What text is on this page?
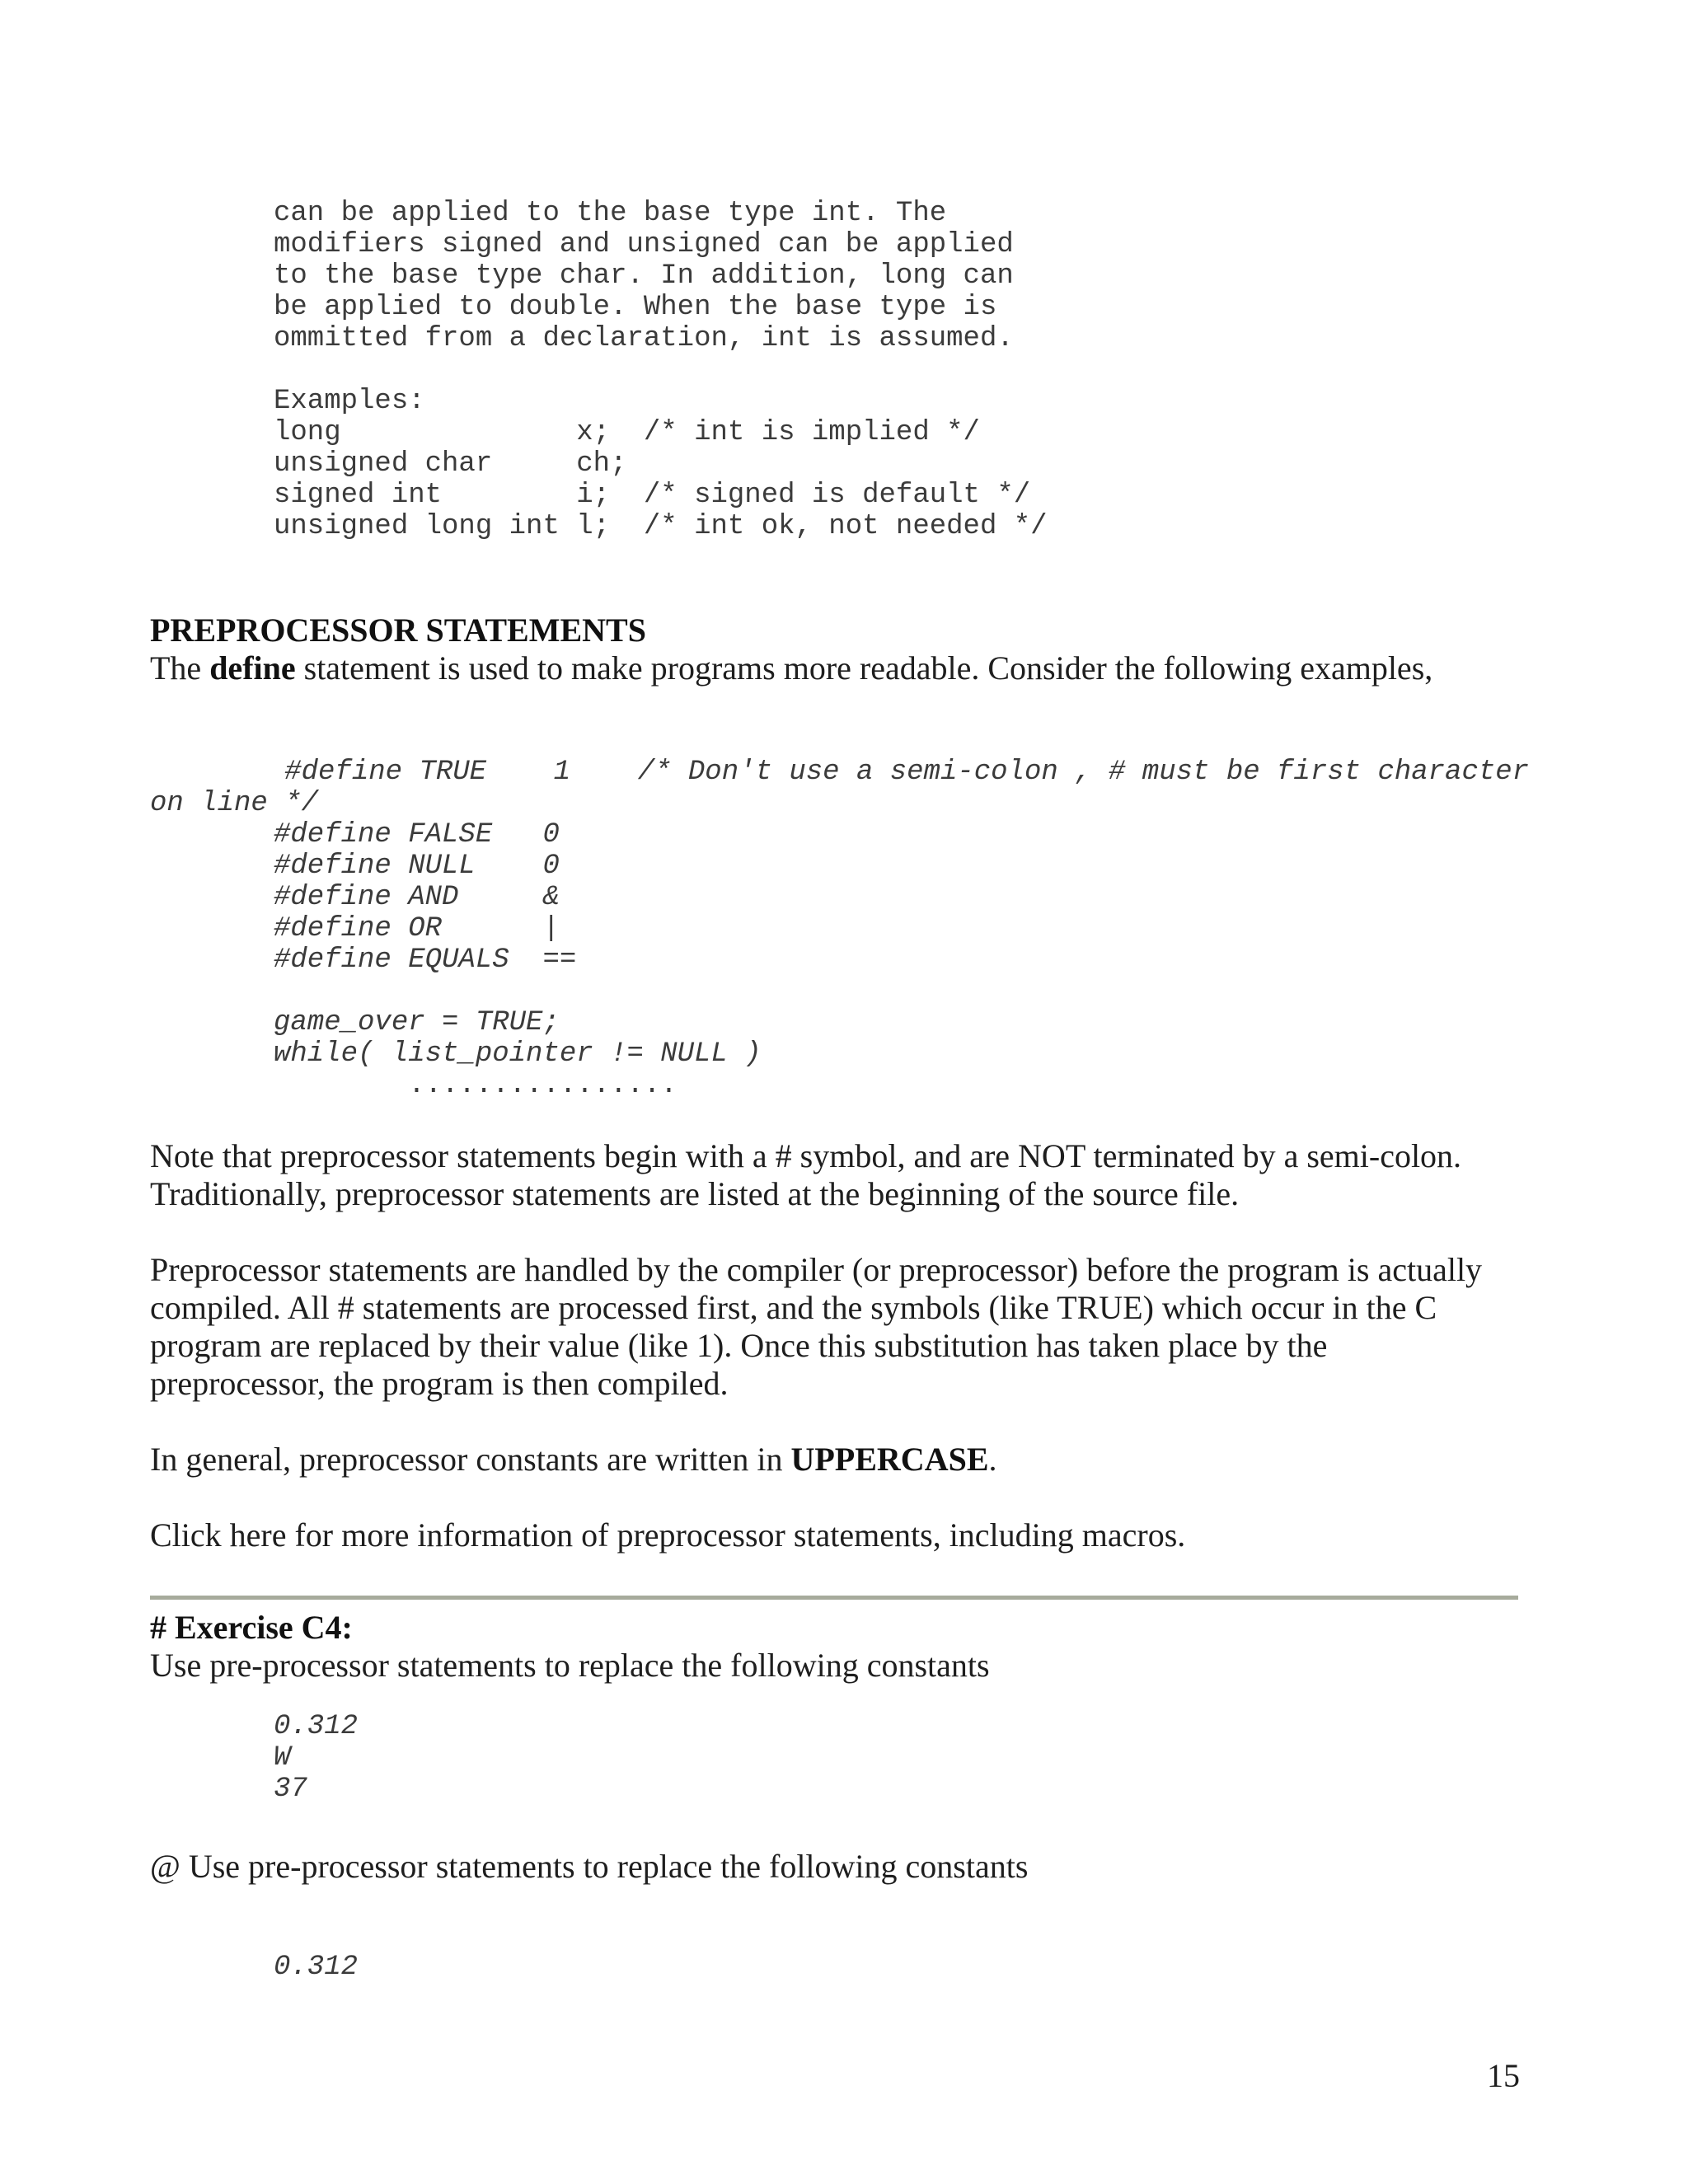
can be applied to the base type int. The
modifiers signed and unsigned can be applied
to the base type char. In addition, long can
be applied to double. When the base type is
ommitted from a declaration, int is assumed.

Examples:
long              x;  /* int is implied */
unsigned char     ch;
signed int        i;  /* signed is default */
unsigned long int l;  /* int ok, not needed */

PREPROCESSOR STATEMENTS

The define statement is used to make programs more readable. Consider the following examples,

#define TRUE    1    /* Don't use a semi-colon , # must be first character
on line */
#define FALSE   0
#define NULL    0
#define AND     &
#define OR      |
#define EQUALS  ==

game_over = TRUE;
while( list_pointer != NULL )
................

Note that preprocessor statements begin with a # symbol, and are NOT terminated by a semi-colon.

Traditionally, preprocessor statements are listed at the beginning of the source file.

Preprocessor statements are handled by the compiler (or preprocessor) before the program is actually

compiled. All # statements are processed first, and the symbols (like TRUE) which occur in the C

program are replaced by their value (like 1). Once this substitution has taken place by the

preprocessor, the program is then compiled.

In general, preprocessor constants are written in UPPERCASE.

Click here for more information of preprocessor statements, including macros.

# Exercise C4:

Use pre-processor statements to replace the following constants

0.312
W
37

@ Use pre-processor statements to replace the following constants

0.312

15
